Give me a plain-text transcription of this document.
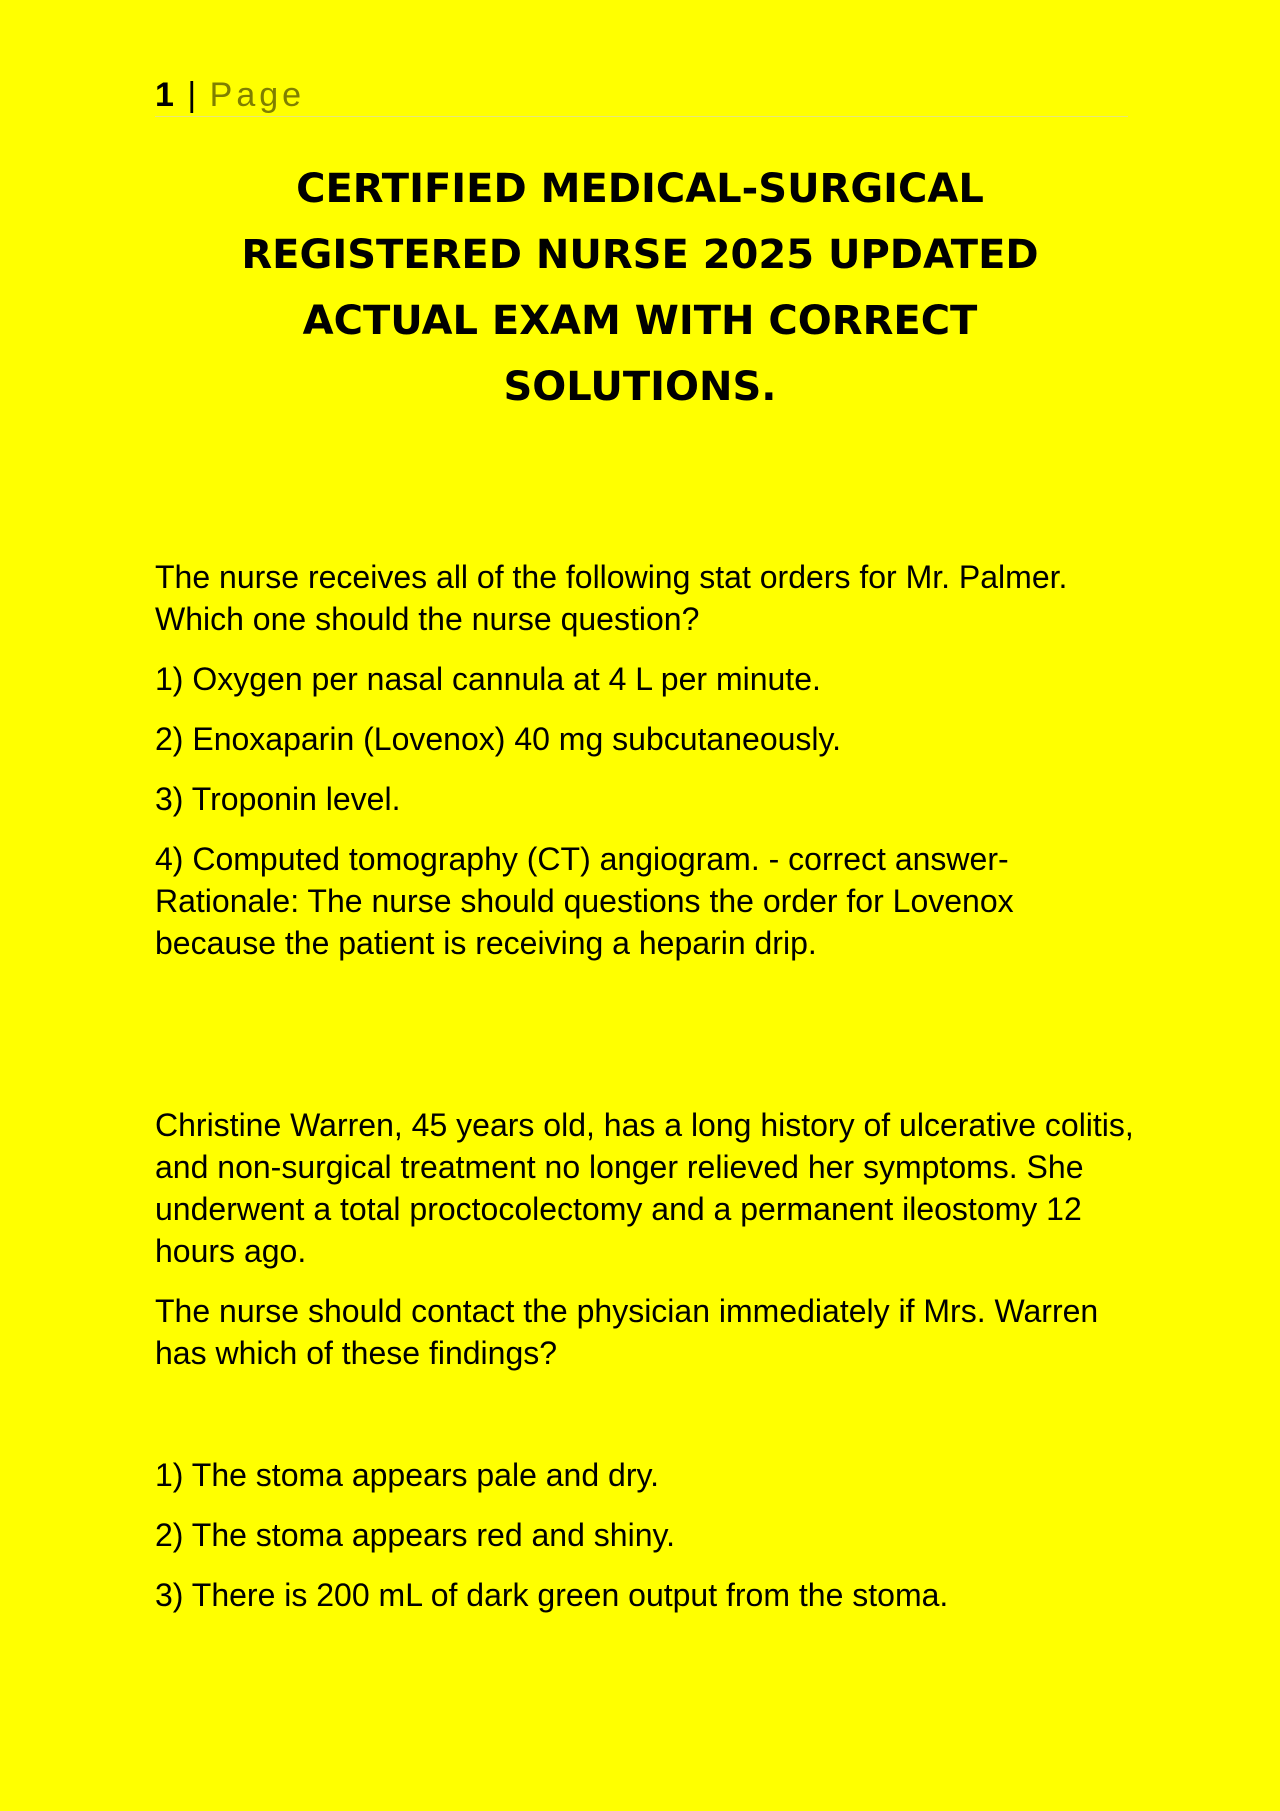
1 | Page
CERTIFIED MEDICAL-SURGICAL
REGISTERED NURSE 2025 UPDATED
ACTUAL EXAM WITH CORRECT
SOLUTIONS.

The nurse receives all of the following stat orders for Mr. Palmer. Which one should the nurse question?

1) Oxygen per nasal cannula at 4 L per minute.

2) Enoxaparin (Lovenox) 40 mg subcutaneously.

3) Troponin level.

4) Computed tomography (CT) angiogram. - correct answer-Rationale: The nurse should questions the order for Lovenox because the patient is receiving a heparin drip.

Christine Warren, 45 years old, has a long history of ulcerative colitis, and non-surgical treatment no longer relieved her symptoms. She underwent a total proctocolectomy and a permanent ileostomy 12 hours ago.

The nurse should contact the physician immediately if Mrs. Warren has which of these findings?

1) The stoma appears pale and dry.

2) The stoma appears red and shiny.

3) There is 200 mL of dark green output from the stoma.
